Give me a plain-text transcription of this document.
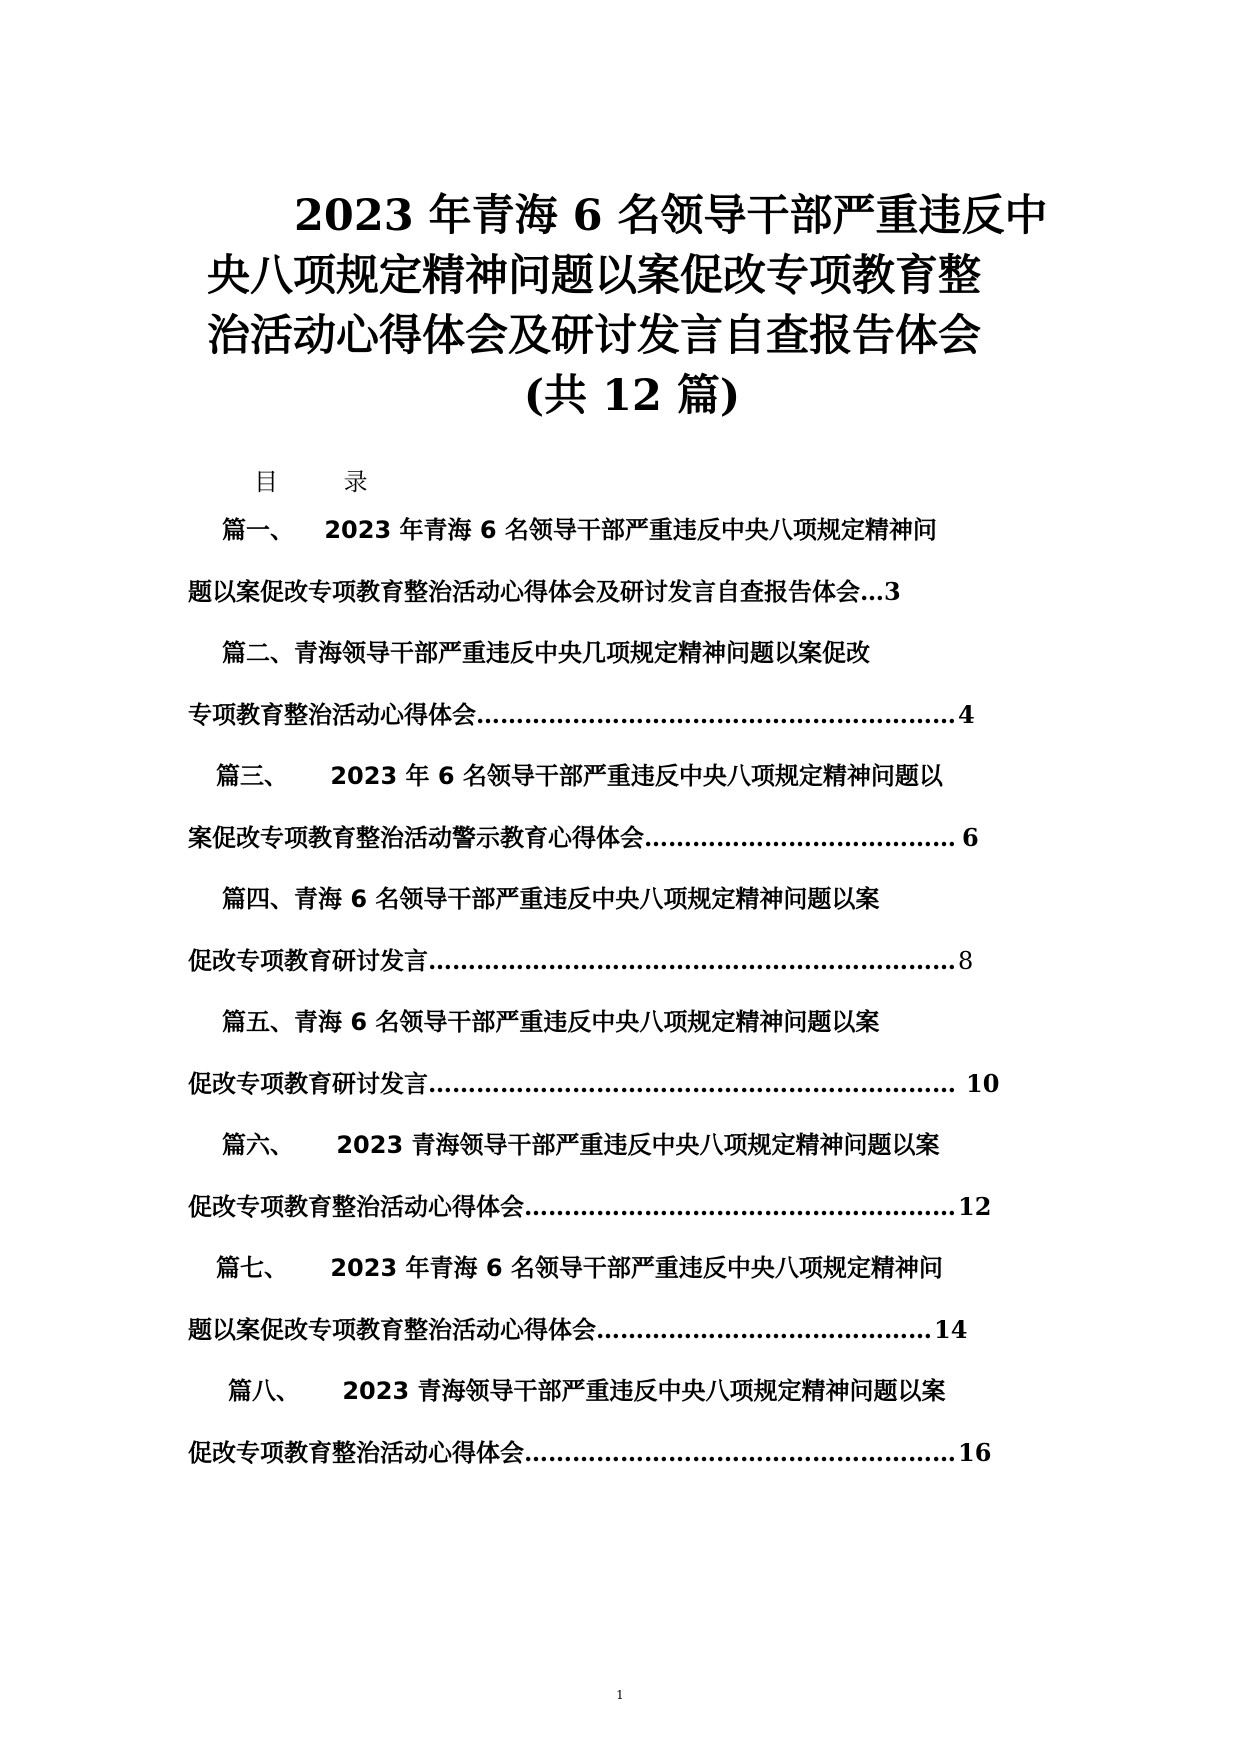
2023 年青海 6 名领导干部严重违反中
央八项规定精神问题以案促改专项教育整
治活动心得体会及研讨发言自查报告体会
(共 12 篇)
目 录
篇一、 2023 年青海 6 名领导干部严重违反中央八项规定精神问
题以案促改专项教育整治活动心得体会及研讨发言自查报告体会…3
篇二、青海领导干部严重违反中央几项规定精神问题以案促改
专项教育整治活动心得体会……………………………………………………4
篇三、 2023 年 6 名领导干部严重违反中央八项规定精神问题以
案促改专项教育整治活动警示教育心得体会………………………………… 6
篇四、青海 6 名领导干部严重违反中央八项规定精神问题以案
促改专项教育研讨发言…………………………………………………………8
篇五、青海 6 名领导干部严重违反中央八项规定精神问题以案
促改专项教育研讨发言………………………………………………………… 10
篇六、 2023 青海领导干部严重违反中央八项规定精神问题以案
促改专项教育整治活动心得体会………………………………………………12
篇七、 2023 年青海 6 名领导干部严重违反中央八项规定精神问
题以案促改专项教育整治活动心得体会……………………………………14
篇八、 2023 青海领导干部严重违反中央八项规定精神问题以案
促改专项教育整治活动心得体会………………………………………………16
1
